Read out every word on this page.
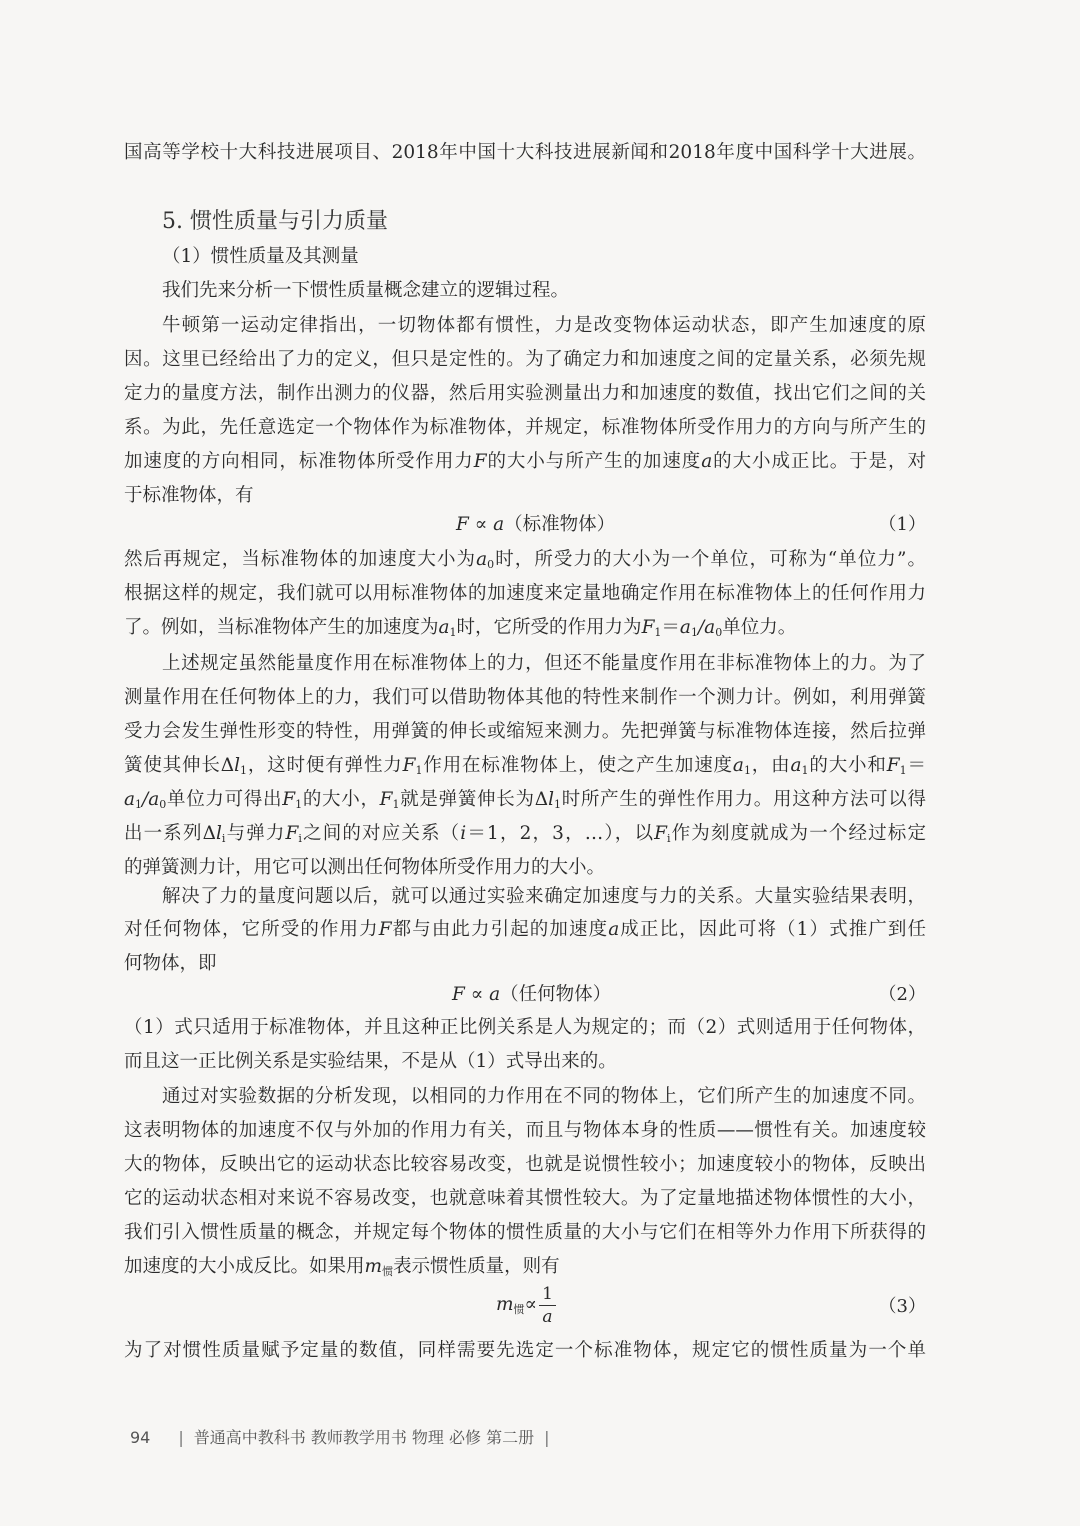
国高等学校十大科技进展项目、2018年中国十大科技进展新闻和2018年度中国科学十大进展。
5. 惯性质量与引力质量
（1）惯性质量及其测量
我们先来分析一下惯性质量概念建立的逻辑过程。
牛顿第一运动定律指出，一切物体都有惯性，力是改变物体运动状态，即产生加速度的原
因。这里已经给出了力的定义，但只是定性的。为了确定力和加速度之间的定量关系，必须先规
定力的量度方法，制作出测力的仪器，然后用实验测量出力和加速度的数值，找出它们之间的关
系。为此，先任意选定一个物体作为标准物体，并规定，标准物体所受作用力的方向与所产生的
加速度的方向相同，标准物体所受作用力F的大小与所产生的加速度a的大小成正比。于是，对
于标准物体，有
F ∝ a（标准物体）	（1）
然后再规定，当标准物体的加速度大小为$a_0$时，所受力的大小为一个单位，可称为“单位力”。
根据这样的规定，我们就可以用标准物体的加速度来定量地确定作用在标准物体上的任何作用力
了。例如，当标准物体产生的加速度为$a_1$时，它所受的作用力为$F_1=a_1/a_0$单位力。
上述规定虽然能量度作用在标准物体上的力，但还不能量度作用在非标准物体上的力。为了
测量作用在任何物体上的力，我们可以借助物体其他的特性来制作一个测力计。例如，利用弹簧
受力会发生弹性形变的特性，用弹簧的伸长或缩短来测力。先把弹簧与标准物体连接，然后拉弹
簧使其伸长$\Delta l_1$，这时便有弹性力$F_1$作用在标准物体上，使之产生加速度$a_1$，由$a_1$的大小和$F_1=$
$a_1/a_0$单位力可得出$F_1$的大小，$F_1$就是弹簧伸长为$\Delta l_1$时所产生的弹性作用力。用这种方法可以得
出一系列$\Delta l_i$与弹力$F_i$之间的对应关系（i＝1，2，3，…），以$F_i$作为刻度就成为一个经过标定
的弹簧测力计，用它可以测出任何物体所受作用力的大小。
解决了力的量度问题以后，就可以通过实验来确定加速度与力的关系。大量实验结果表明，
对任何物体，它所受的作用力F都与由此力引起的加速度a成正比，因此可将（1）式推广到任
何物体，即
F ∝ a（任何物体）	（2）
（1）式只适用于标准物体，并且这种正比例关系是人为规定的；而（2）式则适用于任何物体，
而且这一正比例关系是实验结果，不是从（1）式导出来的。
通过对实验数据的分析发现，以相同的力作用在不同的物体上，它们所产生的加速度不同。
这表明物体的加速度不仅与外加的作用力有关，而且与物体本身的性质——惯性有关。加速度较
大的物体，反映出它的运动状态比较容易改变，也就是说惯性较小；加速度较小的物体，反映出
它的运动状态相对来说不容易改变，也就意味着其惯性较大。为了定量地描述物体惯性的大小，
我们引入惯性质量的概念，并规定每个物体的惯性质量的大小与它们在相等外力作用下所获得的
加速度的大小成反比。如果用$m_惯$表示惯性质量，则有
$m_惯\propto \frac{1}{a}$	（3）
为了对惯性质量赋予定量的数值，同样需要先选定一个标准物体，规定它的惯性质量为一个单
94 | 普通高中教科书 教师教学用书 物理 必修 第二册 |
